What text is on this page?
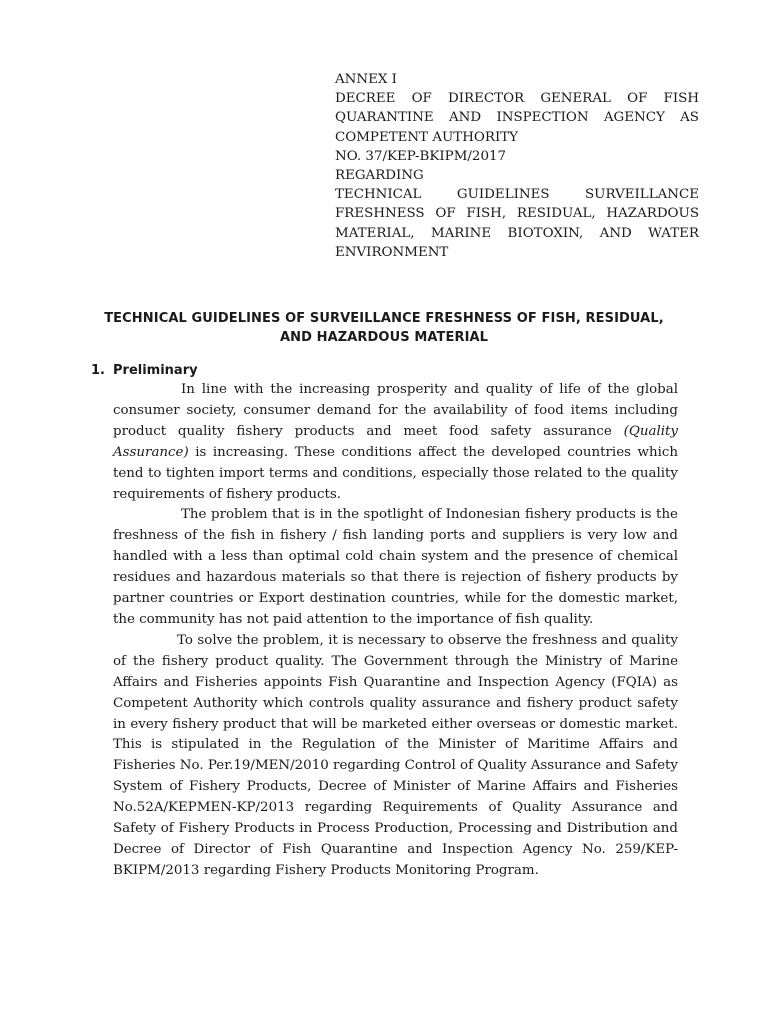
ANNEX I
DECREE OF DIRECTOR GENERAL OF FISH QUARANTINE AND INSPECTION AGENCY AS COMPETENT AUTHORITY
NO. 37/KEP-BKIPM/2017
REGARDING
TECHNICAL GUIDELINES SURVEILLANCE FRESHNESS OF FISH, RESIDUAL, HAZARDOUS MATERIAL, MARINE BIOTOXIN, AND WATER ENVIRONMENT
TECHNICAL GUIDELINES OF SURVEILLANCE FRESHNESS OF FISH, RESIDUAL, AND HAZARDOUS MATERIAL
1. Preliminary

In line with the increasing prosperity and quality of life of the global consumer society, consumer demand for the availability of food items including product quality fishery products and meet food safety assurance (Quality Assurance) is increasing. These conditions affect the developed countries which tend to tighten import terms and conditions, especially those related to the quality requirements of fishery products.

The problem that is in the spotlight of Indonesian fishery products is the freshness of the fish in fishery / fish landing ports and suppliers is very low and handled with a less than optimal cold chain system and the presence of chemical residues and hazardous materials so that there is rejection of fishery products by partner countries or Export destination countries, while for the domestic market, the community has not paid attention to the importance of fish quality.

To solve the problem, it is necessary to observe the freshness and quality of the fishery product quality. The Government through the Ministry of Marine Affairs and Fisheries appoints Fish Quarantine and Inspection Agency (FQIA) as Competent Authority which controls quality assurance and fishery product safety in every fishery product that will be marketed either overseas or domestic market. This is stipulated in the Regulation of the Minister of Maritime Affairs and Fisheries No. Per.19/MEN/2010 regarding Control of Quality Assurance and Safety System of Fishery Products, Decree of Minister of Marine Affairs and Fisheries No.52A/KEPMEN-KP/2013 regarding Requirements of Quality Assurance and Safety of Fishery Products in Process Production, Processing and Distribution and Decree of Director of Fish Quarantine and Inspection Agency No. 259/KEP-BKIPM/2013 regarding Fishery Products Monitoring Program.
